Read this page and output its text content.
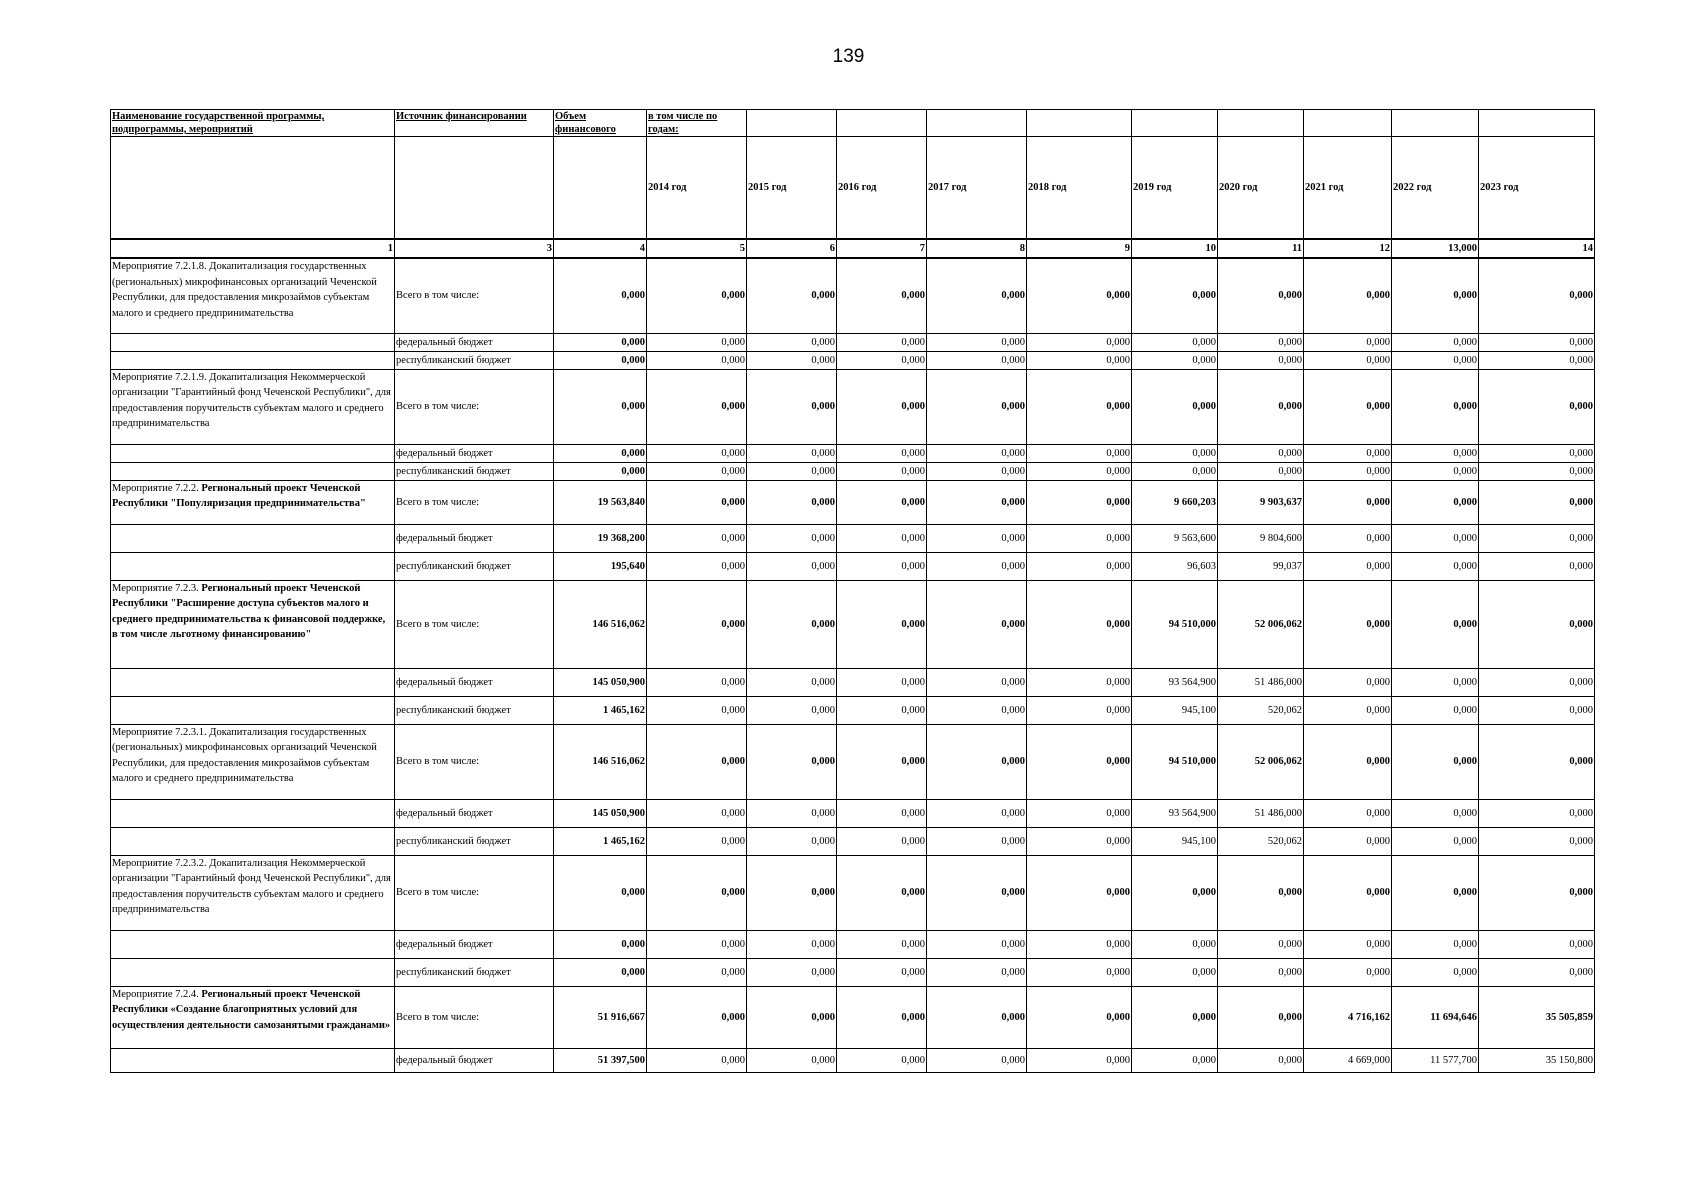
139
Наименование государственной программы, подпрограммы, мероприятий	Источник финансировании	Объем финансового	в том числе по годам:									
			2014 год	2015 год	2016 год	2017 год	2018 год	2019 год	2020 год	2021 год	2022 год	2023 год
1	3	4	5	6	7	8	9	10	11	12	13,000	14
Мероприятие 7.2.1.8. Докапитализация государственных (региональных) микрофинансовых организаций Чеченской Республики, для предоставления микрозаймов субъектам малого и среднего предпринимательства	Всего в том числе:	0,000	0,000	0,000	0,000	0,000	0,000	0,000	0,000	0,000	0,000	0,000
	федеральный бюджет	0,000	0,000	0,000	0,000	0,000	0,000	0,000	0,000	0,000	0,000	0,000
	республиканский бюджет	0,000	0,000	0,000	0,000	0,000	0,000	0,000	0,000	0,000	0,000	0,000
Мероприятие 7.2.1.9. Докапитализация Некоммерческой организации "Гарантийный фонд Чеченской Республики", для предоставления поручительств субъектам малого и среднего предпринимательства	Всего в том числе:	0,000	0,000	0,000	0,000	0,000	0,000	0,000	0,000	0,000	0,000	0,000
	федеральный бюджет	0,000	0,000	0,000	0,000	0,000	0,000	0,000	0,000	0,000	0,000	0,000
	республиканский бюджет	0,000	0,000	0,000	0,000	0,000	0,000	0,000	0,000	0,000	0,000	0,000
Мероприятие 7.2.2. Региональный проект Чеченской Республики "Популяризация предпринимательства"	Всего в том числе:	19 563,840	0,000	0,000	0,000	0,000	0,000	9 660,203	9 903,637	0,000	0,000	0,000
	федеральный бюджет	19 368,200	0,000	0,000	0,000	0,000	0,000	9 563,600	9 804,600	0,000	0,000	0,000
	республиканский бюджет	195,640	0,000	0,000	0,000	0,000	0,000	96,603	99,037	0,000	0,000	0,000
Мероприятие 7.2.3. Региональный проект Чеченской Республики "Расширение доступа субъектов малого и среднего предпринимательства к финансовой поддержке, в том числе льготному финансированию"	Всего в том числе:	146 516,062	0,000	0,000	0,000	0,000	0,000	94 510,000	52 006,062	0,000	0,000	0,000
	федеральный бюджет	145 050,900	0,000	0,000	0,000	0,000	0,000	93 564,900	51 486,000	0,000	0,000	0,000
	республиканский бюджет	1 465,162	0,000	0,000	0,000	0,000	0,000	945,100	520,062	0,000	0,000	0,000
Мероприятие 7.2.3.1. Докапитализация государственных (региональных) микрофинансовых организаций Чеченской Республики, для предоставления микрозаймов субъектам малого и среднего предпринимательства	Всего в том числе:	146 516,062	0,000	0,000	0,000	0,000	0,000	94 510,000	52 006,062	0,000	0,000	0,000
	федеральный бюджет	145 050,900	0,000	0,000	0,000	0,000	0,000	93 564,900	51 486,000	0,000	0,000	0,000
	республиканский бюджет	1 465,162	0,000	0,000	0,000	0,000	0,000	945,100	520,062	0,000	0,000	0,000
Мероприятие 7.2.3.2. Докапитализация Некоммерческой организации "Гарантийный фонд Чеченской Республики", для предоставления поручительств субъектам малого и среднего предпринимательства	Всего в том числе:	0,000	0,000	0,000	0,000	0,000	0,000	0,000	0,000	0,000	0,000	0,000
	федеральный бюджет	0,000	0,000	0,000	0,000	0,000	0,000	0,000	0,000	0,000	0,000	0,000
	республиканский бюджет	0,000	0,000	0,000	0,000	0,000	0,000	0,000	0,000	0,000	0,000	0,000
Мероприятие 7.2.4. Региональный проект Чеченской Республики «Создание благоприятных условий для осуществления деятельности самозанятыми гражданами»	Всего в том числе:	51 916,667	0,000	0,000	0,000	0,000	0,000	0,000	0,000	4 716,162	11 694,646	35 505,859
	федеральный бюджет	51 397,500	0,000	0,000	0,000	0,000	0,000	0,000	0,000	4 669,000	11 577,700	35 150,800
